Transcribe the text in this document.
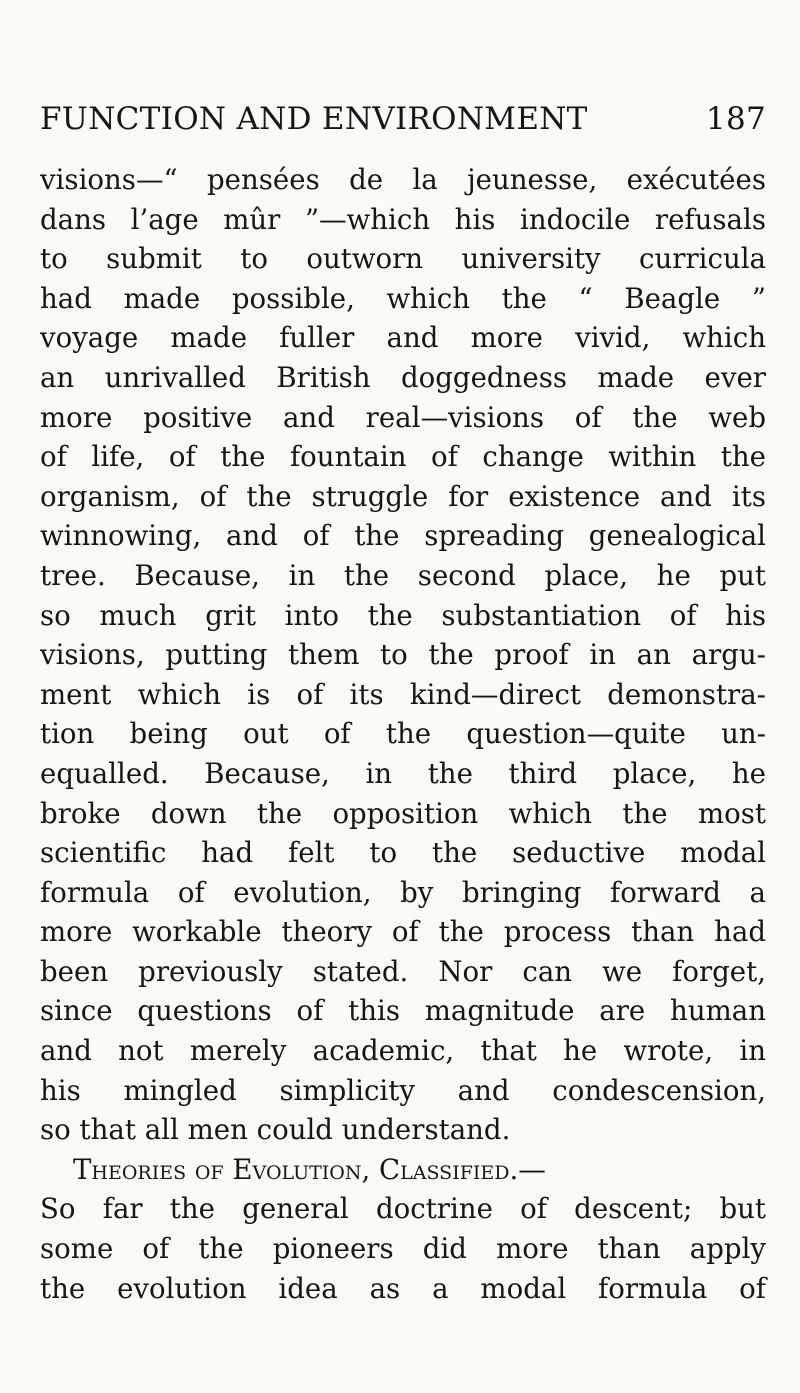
FUNCTION AND ENVIRONMENT	187
visions—“ pensées de la jeunesse, exécutées
dans l’age mûr ”—which his indocile refusals
to submit to outworn university curricula
had made possible, which the “ Beagle ”
voyage made fuller and more vivid, which
an unrivalled British doggedness made ever
more positive and real—visions of the web
of life, of the fountain of change within the
organism, of the struggle for existence and its
winnowing, and of the spreading genealogical
tree. Because, in the second place, he put
so much grit into the substantiation of his
visions, putting them to the proof in an argu-
ment which is of its kind—direct demonstra-
tion being out of the question—quite un-
equalled. Because, in the third place, he
broke down the opposition which the most
scientific had felt to the seductive modal
formula of evolution, by bringing forward a
more workable theory of the process than had
been previously stated. Nor can we forget,
since questions of this magnitude are human
and not merely academic, that he wrote, in
his mingled simplicity and condescension,
so that all men could understand.
Theories of Evolution, Classified.—
So far the general doctrine of descent; but
some of the pioneers did more than apply
the evolution idea as a modal formula of
